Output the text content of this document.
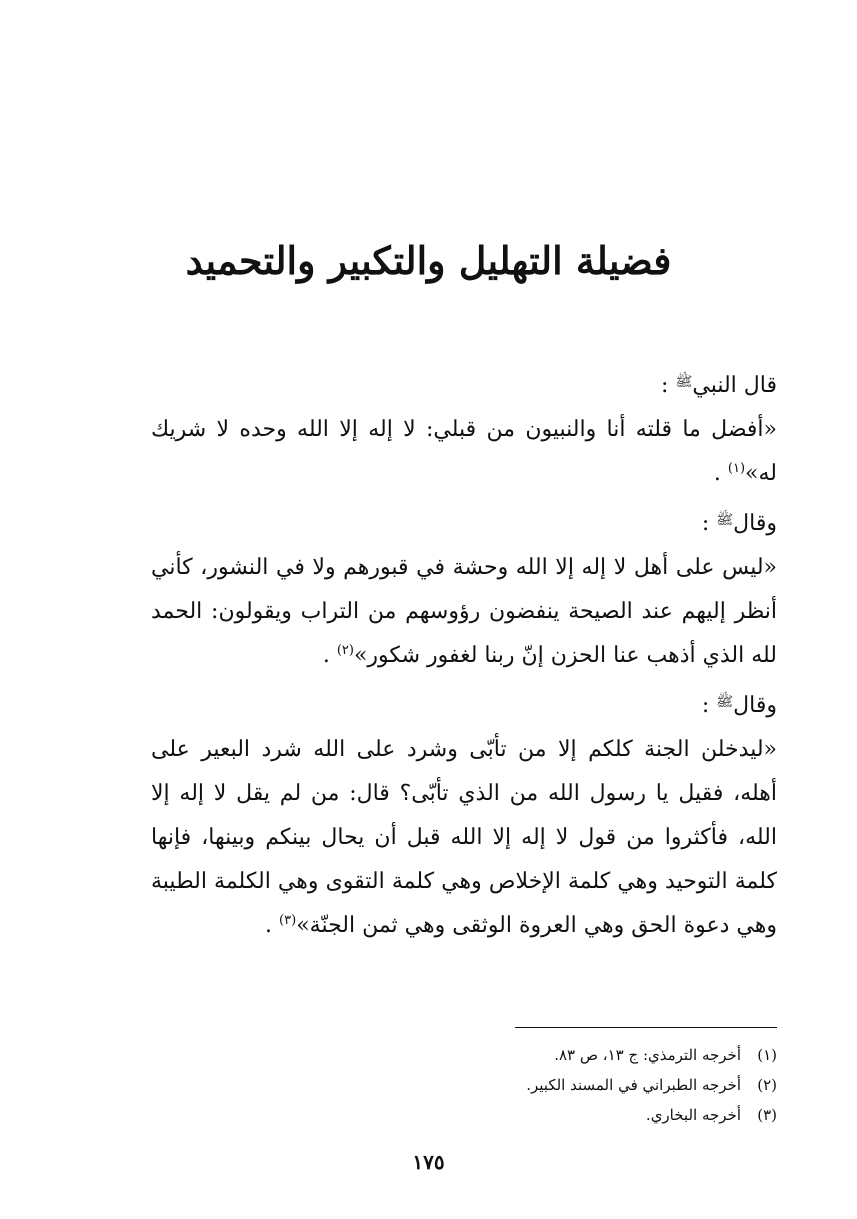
فضيلة التهليل والتكبير والتحميد

قال النبي$^ﷺ$ :

«أفضل ما قلته أنا والنبيون من قبلي: لا إله إلا الله وحده لا شريك له»$^{(١)}$ .

وقال$^ﷺ$ :

«ليس على أهل لا إله إلا الله وحشة في قبورهم ولا في النشور، كأني أنظر إليهم عند الصيحة ينفضون رؤوسهم من التراب ويقولون: الحمد لله الذي أذهب عنا الحزن إنّ ربنا لغفور شكور»$^{(٢)}$ .

وقال$^ﷺ$ :

«ليدخلن الجنة كلكم إلا من تأبّى وشرد على الله شرد البعير على أهله، فقيل يا رسول الله من الذي تأبّى؟ قال: من لم يقل لا إله إلا الله، فأكثروا من قول لا إله إلا الله قبل أن يحال بينكم وبينها، فإنها كلمة التوحيد وهي كلمة الإخلاص وهي كلمة التقوى وهي الكلمة الطيبة وهي دعوة الحق وهي العروة الوثقى وهي ثمن الجنّة»$^{(٣)}$ .

(١)أخرجه الترمذي: ج ١٣، ص ٨٣.

(٢)أخرجه الطبراني في المسند الكبير.

(٣)أخرجه البخاري.

١٧٥
